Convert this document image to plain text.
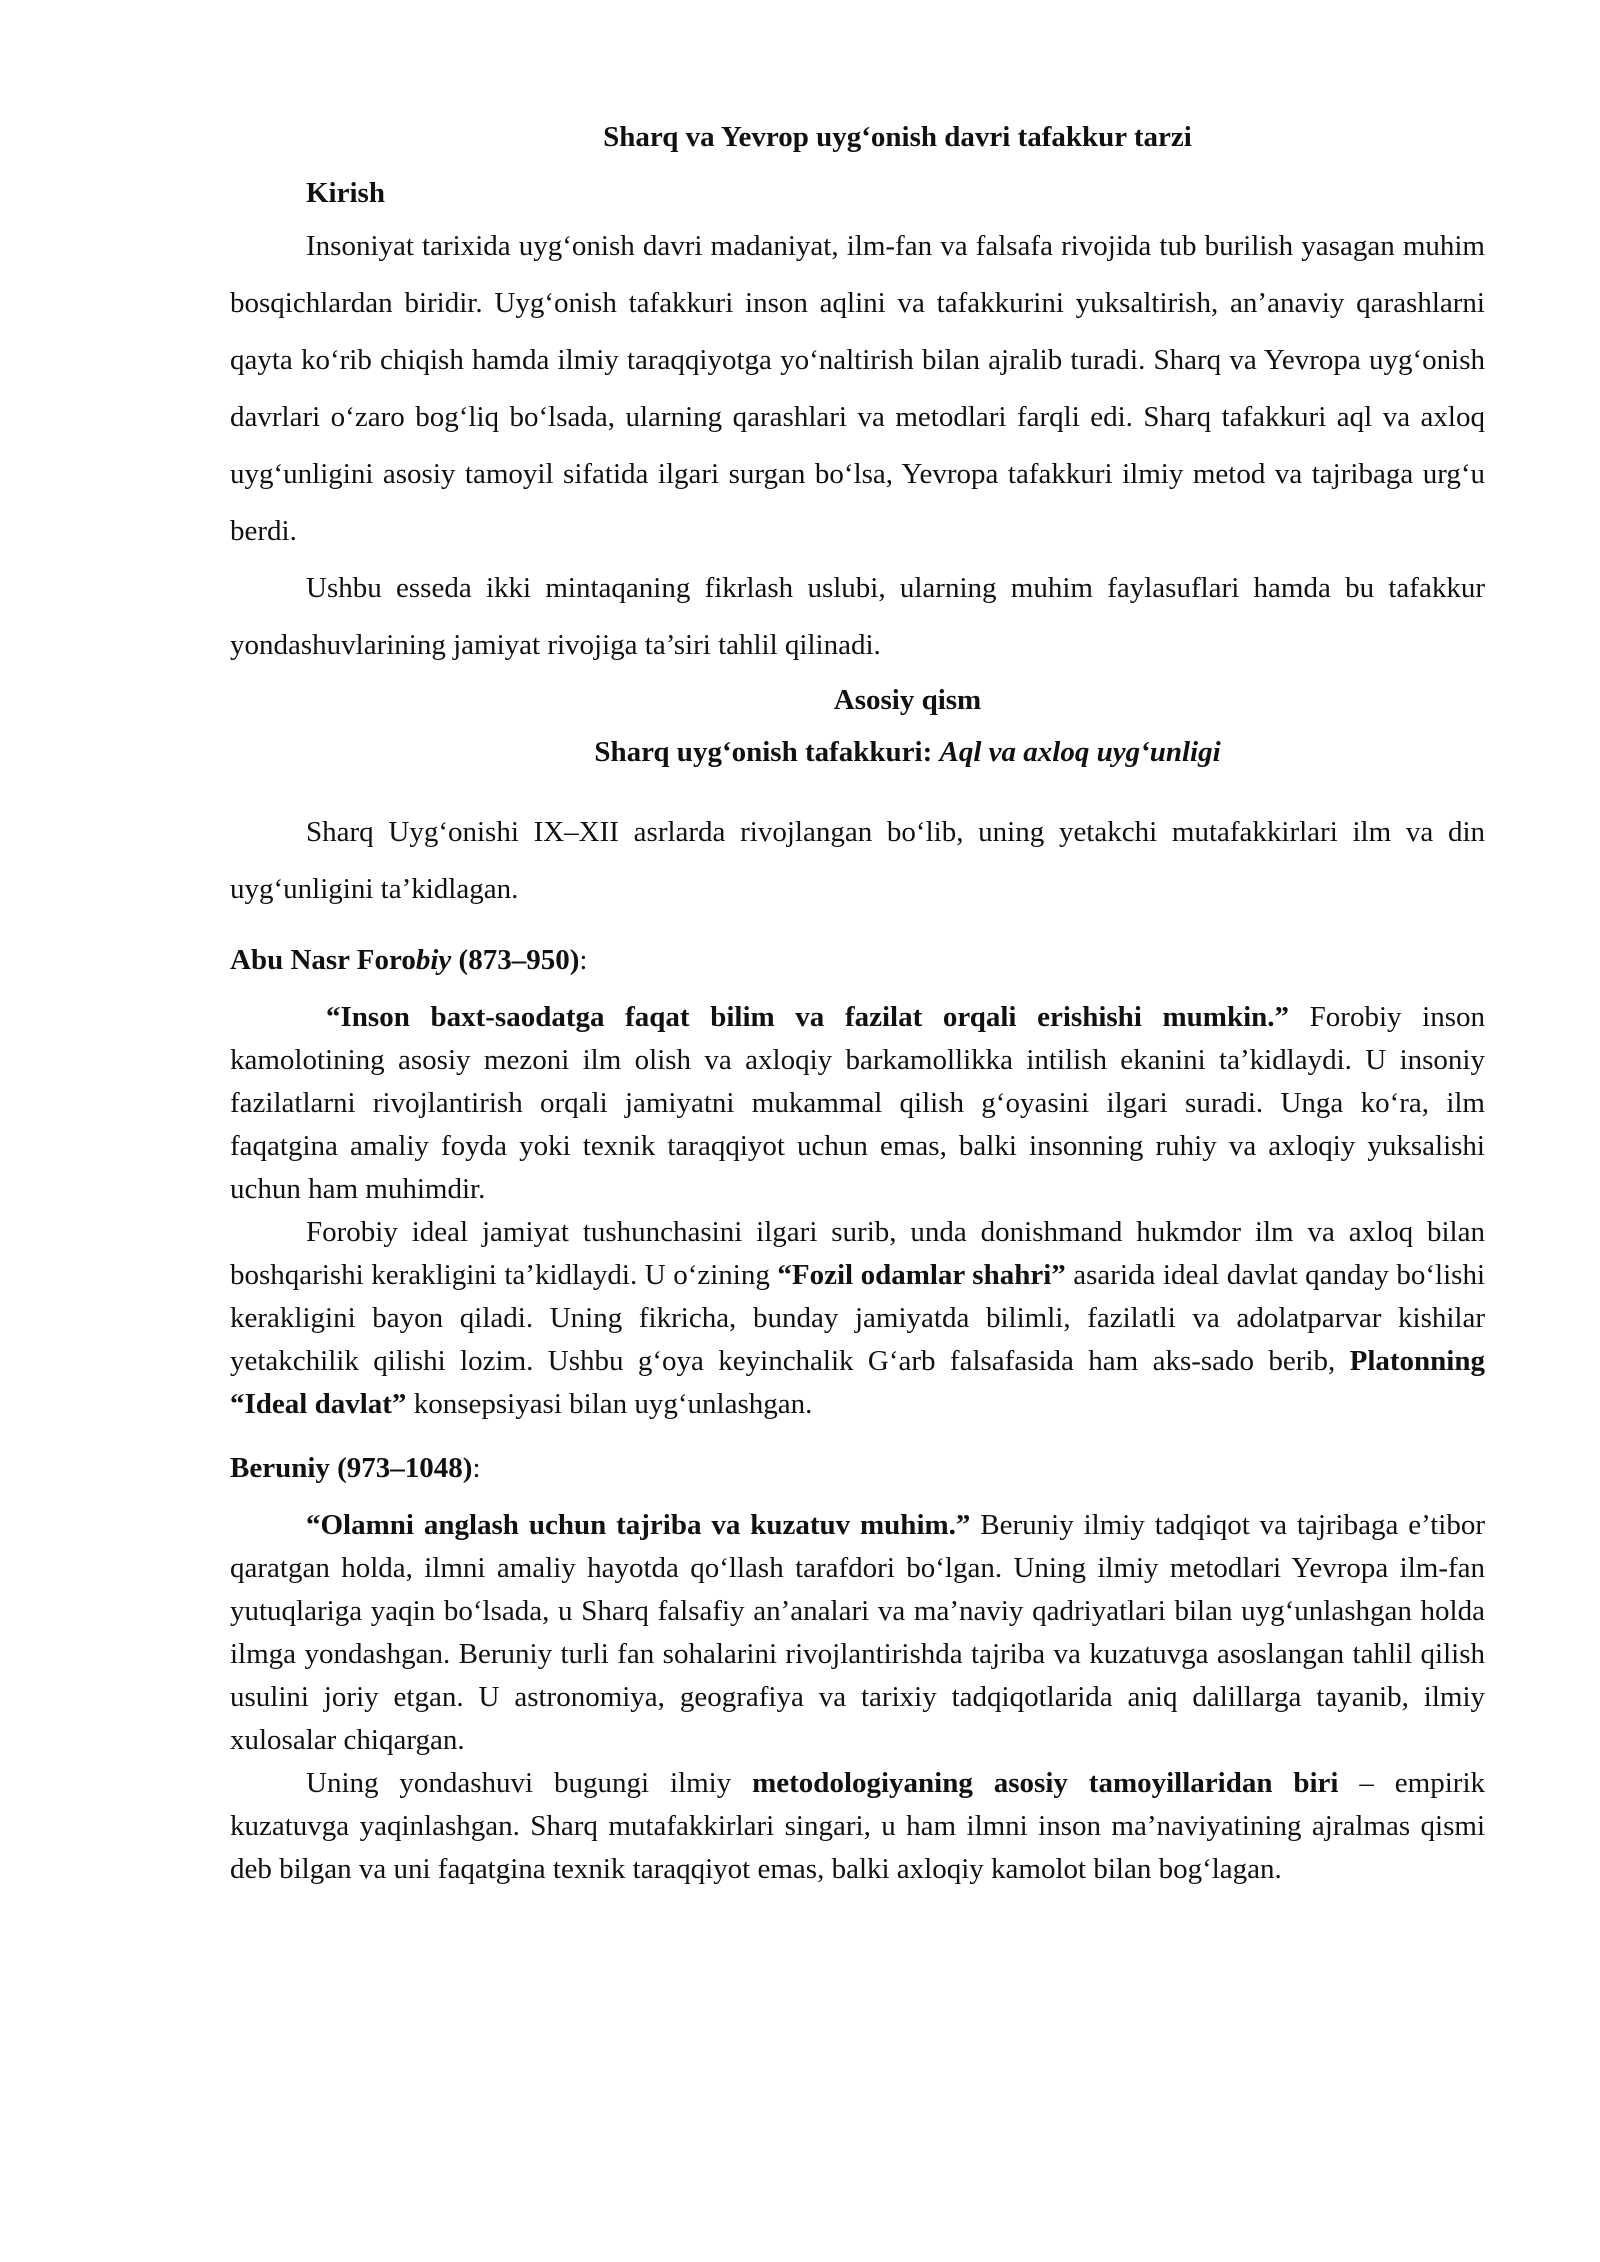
Sharq va Yevrop uyg‘onish davri tafakkur tarzi

Kirish

Insoniyat tarixida uyg‘onish davri madaniyat, ilm-fan va falsafa rivojida tub burilish yasagan muhim bosqichlardan biridir. Uyg‘onish tafakkuri inson aqlini va tafakkurini yuksaltirish, an’anaviy qarashlarni qayta ko‘rib chiqish hamda ilmiy taraqqiyotga yo‘naltirish bilan ajralib turadi. Sharq va Yevropa uyg‘onish davrlari o‘zaro bog‘liq bo‘lsada, ularning qarashlari va metodlari farqli edi. Sharq tafakkuri aql va axloq uyg‘unligini asosiy tamoyil sifatida ilgari surgan bo‘lsa, Yevropa tafakkuri ilmiy metod va tajribaga urg‘u berdi.

Ushbu esseda ikki mintaqaning fikrlash uslubi, ularning muhim faylasuflari hamda bu tafakkur yondashuvlarining jamiyat rivojiga ta’siri tahlil qilinadi.

Asosiy qism

Sharq uyg‘onish tafakkuri: Aql va axloq uyg‘unligi

Sharq Uyg‘onishi IX–XII asrlarda rivojlangan bo‘lib, uning yetakchi mutafakkirlari ilm va din uyg‘unligini ta’kidlagan.

Abu Nasr Forobiy (873–950):

“Inson baxt-saodatga faqat bilim va fazilat orqali erishishi mumkin.” Forobiy inson kamolotining asosiy mezoni ilm olish va axloqiy barkamollikka intilish ekanini ta’kidlaydi. U insoniy fazilatlarni rivojlantirish orqali jamiyatni mukammal qilish g‘oyasini ilgari suradi. Unga ko‘ra, ilm faqatgina amaliy foyda yoki texnik taraqqiyot uchun emas, balki insonning ruhiy va axloqiy yuksalishi uchun ham muhimdir.

Forobiy ideal jamiyat tushunchasini ilgari surib, unda donishmand hukmdor ilm va axloq bilan boshqarishi kerakligini ta’kidlaydi. U o‘zining “Fozil odamlar shahri” asarida ideal davlat qanday bo‘lishi kerakligini bayon qiladi. Uning fikricha, bunday jamiyatda bilimli, fazilatli va adolatparvar kishilar yetakchilik qilishi lozim. Ushbu g‘oya keyinchalik G‘arb falsafasida ham aks-sado berib, Platonning “Ideal davlat” konsepsiyasi bilan uyg‘unlashgan.

Beruniy (973–1048):

“Olamni anglash uchun tajriba va kuzatuv muhim.” Beruniy ilmiy tadqiqot va tajribaga e’tibor qaratgan holda, ilmni amaliy hayotda qo‘llash tarafdori bo‘lgan. Uning ilmiy metodlari Yevropa ilm-fan yutuqlariga yaqin bo‘lsada, u Sharq falsafiy an’analari va ma’naviy qadriyatlari bilan uyg‘unlashgan holda ilmga yondashgan. Beruniy turli fan sohalarini rivojlantirishda tajriba va kuzatuvga asoslangan tahlil qilish usulini joriy etgan. U astronomiya, geografiya va tarixiy tadqiqotlarida aniq dalillarga tayanib, ilmiy xulosalar chiqargan.

Uning yondashuvi bugungi ilmiy metodologiyaning asosiy tamoyillaridan biri – empirik kuzatuvga yaqinlashgan. Sharq mutafakkirlari singari, u ham ilmni inson ma’naviyatining ajralmas qismi deb bilgan va uni faqatgina texnik taraqqiyot emas, balki axloqiy kamolot bilan bog‘lagan.
